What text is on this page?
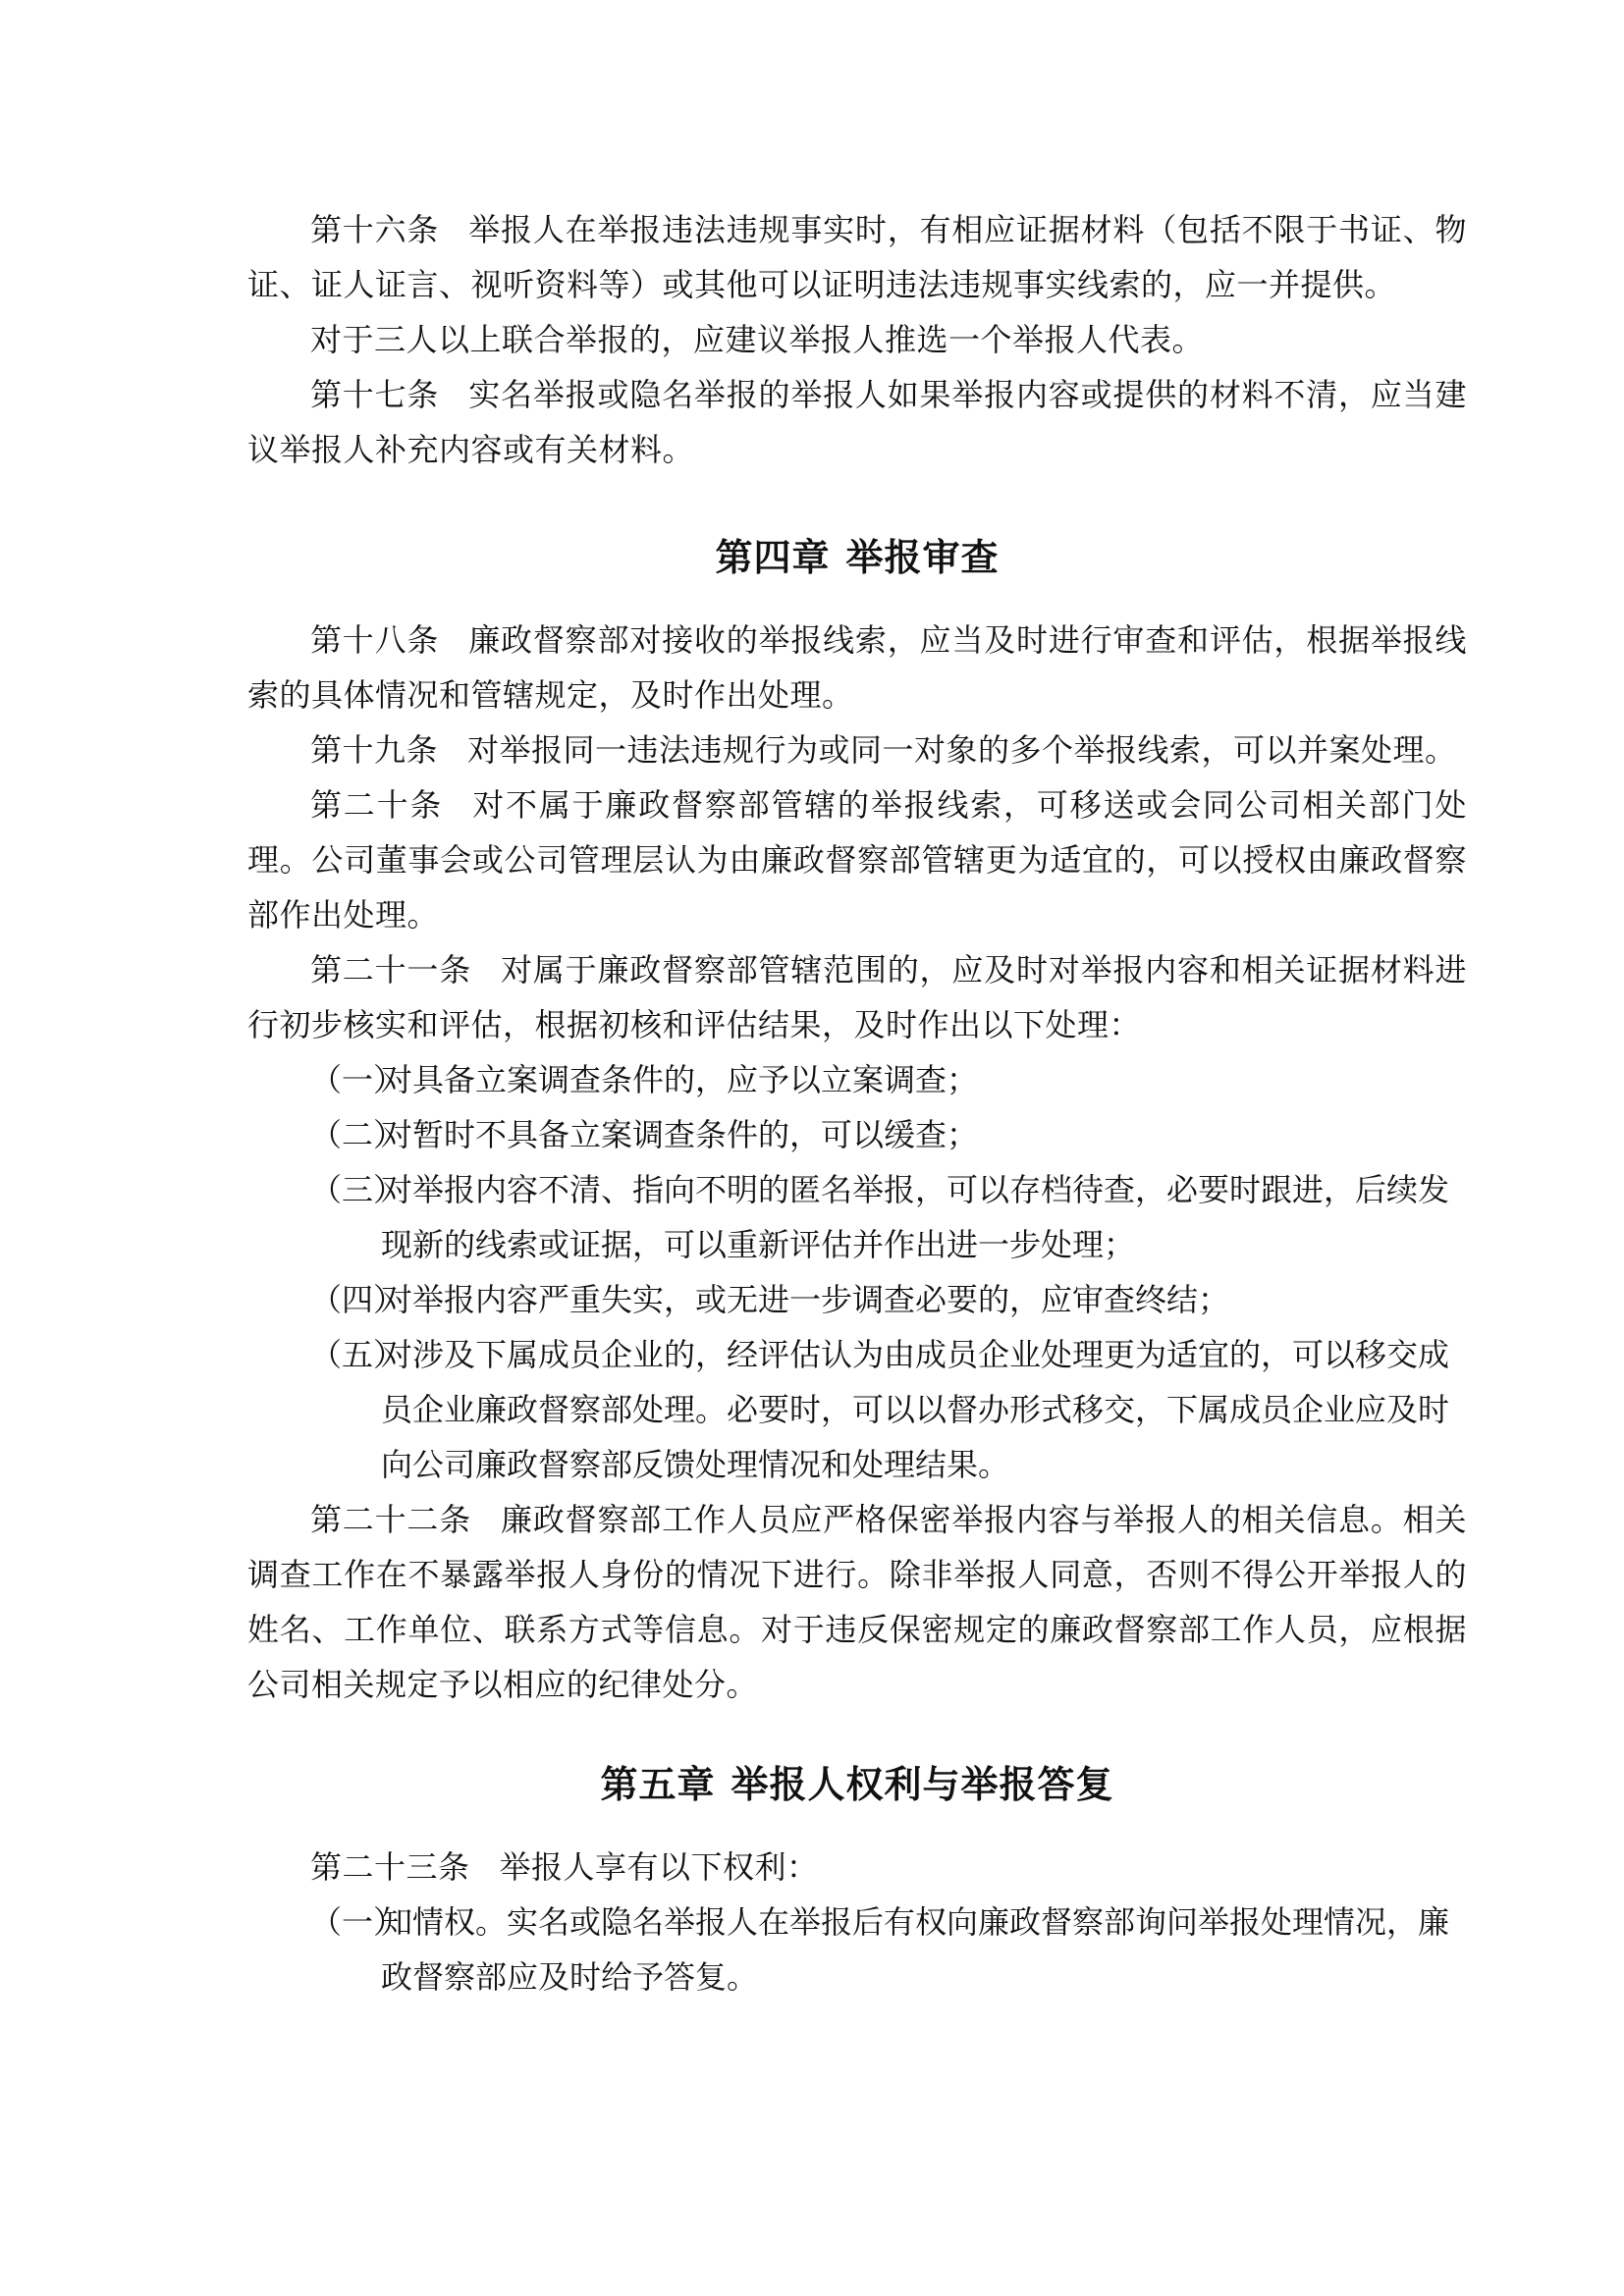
第十六条 举报人在举报违法违规事实时，有相应证据材料（包括不限于书证、物证、证人证言、视听资料等）或其他可以证明违法违规事实线索的，应一并提供。

对于三人以上联合举报的，应建议举报人推选一个举报人代表。

第十七条 实名举报或隐名举报的举报人如果举报内容或提供的材料不清，应当建议举报人补充内容或有关材料。

第四章 举报审查

第十八条 廉政督察部对接收的举报线索，应当及时进行审查和评估，根据举报线索的具体情况和管辖规定，及时作出处理。

第十九条 对举报同一违法违规行为或同一对象的多个举报线索，可以并案处理。

第二十条 对不属于廉政督察部管辖的举报线索，可移送或会同公司相关部门处理。公司董事会或公司管理层认为由廉政督察部管辖更为适宜的，可以授权由廉政督察部作出处理。

第二十一条 对属于廉政督察部管辖范围的，应及时对举报内容和相关证据材料进行初步核实和评估，根据初核和评估结果，及时作出以下处理：

（一）
对具备立案调查条件的，应予以立案调查；

（二）
对暂时不具备立案调查条件的，可以缓查；

（三）
对举报内容不清、指向不明的匿名举报，可以存档待查，必要时跟进，后续发现新的线索或证据，可以重新评估并作出进一步处理；

（四）
对举报内容严重失实，或无进一步调查必要的，应审查终结；

（五）
对涉及下属成员企业的，经评估认为由成员企业处理更为适宜的，可以移交成员企业廉政督察部处理。必要时，可以以督办形式移交，下属成员企业应及时向公司廉政督察部反馈处理情况和处理结果。

第二十二条 廉政督察部工作人员应严格保密举报内容与举报人的相关信息。相关调查工作在不暴露举报人身份的情况下进行。除非举报人同意，否则不得公开举报人的姓名、工作单位、联系方式等信息。对于违反保密规定的廉政督察部工作人员，应根据公司相关规定予以相应的纪律处分。

第五章 举报人权利与举报答复

第二十三条 举报人享有以下权利：

（一）
知情权。实名或隐名举报人在举报后有权向廉政督察部询问举报处理情况，廉政督察部应及时给予答复。
